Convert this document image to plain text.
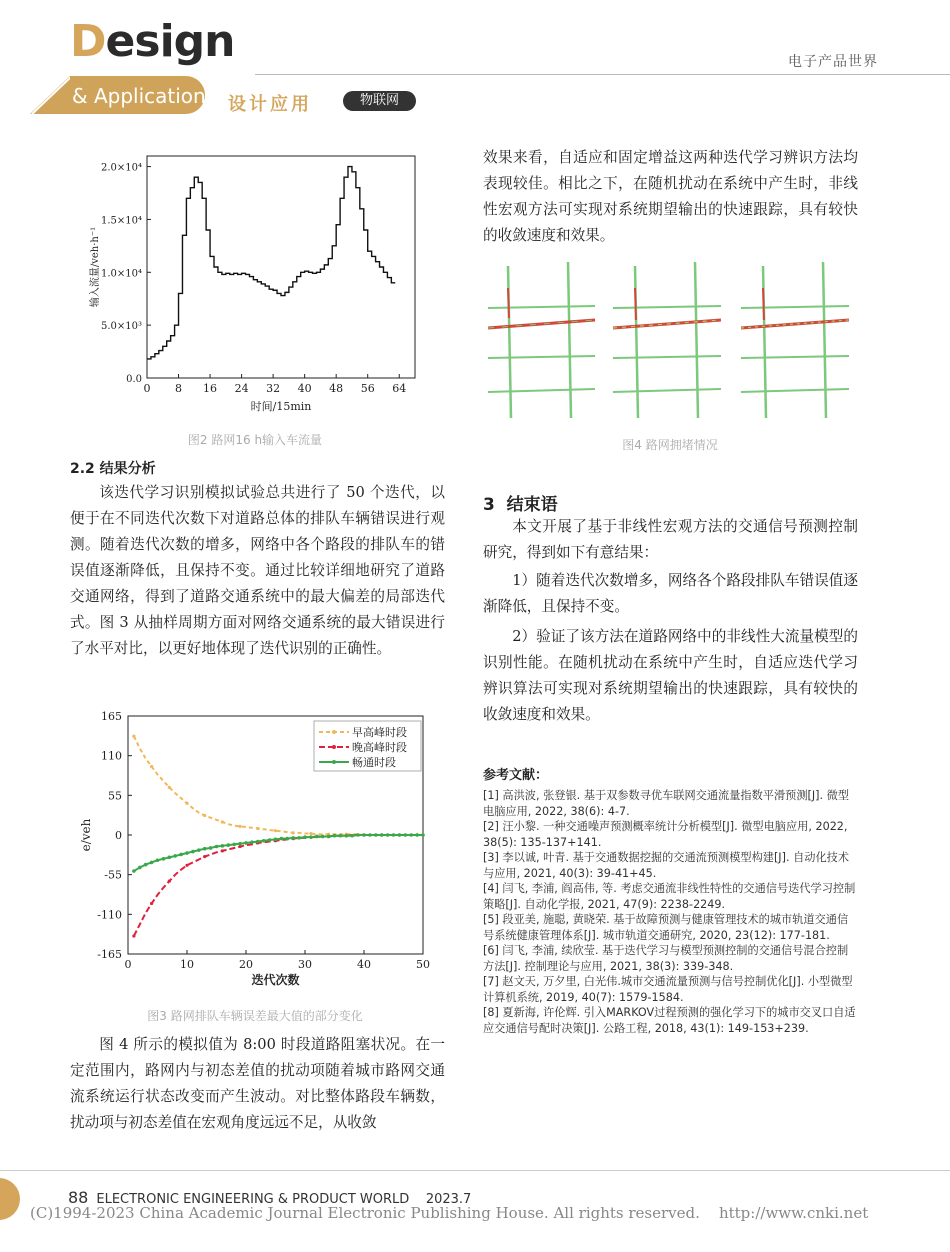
Design	电子产品世界
& Application 设计应用	物联网
0 8 16 24 32 40 48 56 64
0.0
5.0×10³
1.0×10⁴
1.5×10⁴
2.0×10⁴
时间/15min
输入流量/veh·h⁻¹
图2 路网16 h输入车流量
2.2 结果分析
该迭代学习识别模拟试验总共进行了 50 个迭代，以便于在不同迭代次数下对道路总体的排队车辆错误进行观测。随着迭代次数的增多，网络中各个路段的排队车的错误值逐渐降低，且保持不变。通过比较详细地研究了道路交通网络，得到了道路交通系统中的最大偏差的局部迭代式。图 3 从抽样周期方面对网络交通系统的最大错误进行了水平对比，以更好地体现了迭代识别的正确性。
0	10	20	30	40	50
-165
-110
-55
0
55
110
165
早高峰时段
晚高峰时段
畅通时段
迭代次数
e/veh
图3 路网排队车辆误差最大值的部分变化
图 4 所示的模拟值为 8:00 时段道路阻塞状况。在一定范围内，路网内与初态差值的扰动项随着城市路网交通流系统运行状态改变而产生波动。对比整体路段车辆数，扰动项与初态差值在宏观角度远远不足，从收敛
效果来看，自适应和固定增益这两种迭代学习辨识方法均表现较佳。相比之下，在随机扰动在系统中产生时，非线性宏观方法可实现对系统期望输出的快速跟踪，具有较快的收敛速度和效果。
图4 路网拥堵情况
3  结束语
本文开展了基于非线性宏观方法的交通信号预测控制研究，得到如下有意结果：
1）随着迭代次数增多，网络各个路段排队车错误值逐渐降低，且保持不变。
2）验证了该方法在道路网络中的非线性大流量模型的识别性能。在随机扰动在系统中产生时，自适应迭代学习辨识算法可实现对系统期望输出的快速跟踪，具有较快的收敛速度和效果。
参考文献：
[1] 高洪波, 张登银. 基于双参数寻优车联网交通流量指数平滑预测[J]. 微型电脑应用, 2022, 38(6): 4-7.
[2] 汪小黎. 一种交通噪声预测概率统计分析模型[J]. 微型电脑应用, 2022, 38(5): 135-137+141.
[3] 李以诚, 叶青. 基于交通数据挖掘的交通流预测模型构建[J]. 自动化技术与应用, 2021, 40(3): 39-41+45.
[4] 闫飞, 李浦, 阎高伟, 等. 考虑交通流非线性特性的交通信号迭代学习控制策略[J]. 自动化学报, 2021, 47(9): 2238-2249.
[5] 段亚美, 施聪, 黄晓荣. 基于故障预测与健康管理技术的城市轨道交通信号系统健康管理体系[J]. 城市轨道交通研究, 2020, 23(12): 177-181.
[6] 闫飞, 李浦, 续欣莹. 基于迭代学习与模型预测控制的交通信号混合控制方法[J]. 控制理论与应用, 2021, 38(3): 339-348.
[7] 赵文天, 万夕里, 白光伟.城市交通流量预测与信号控制优化[J]. 小型微型计算机系统, 2019, 40(7): 1579-1584.
[8] 夏新海, 许伦辉. 引入MARKOV过程预测的强化学习下的城市交叉口自适应交通信号配时决策[J]. 公路工程, 2018, 43(1): 149-153+239.
88 ELECTRONIC ENGINEERING & PRODUCT WORLD 2023.7
(C)1994-2023 China Academic Journal Electronic Publishing House. All rights reserved.    http://www.cnki.net
